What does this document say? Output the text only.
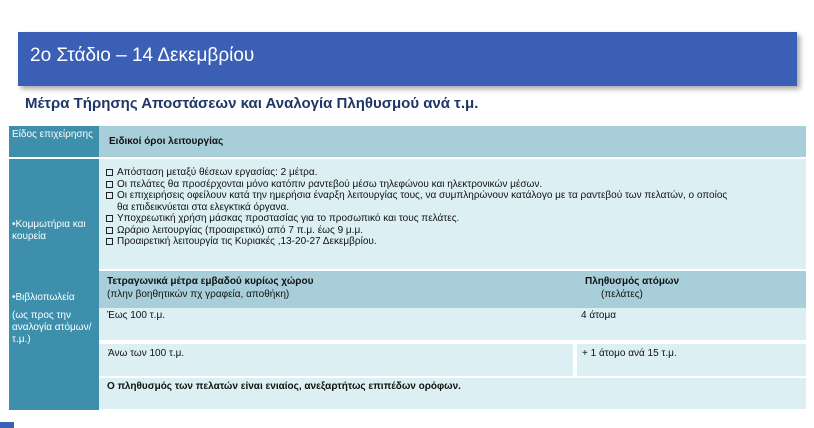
2ο Στάδιο – 14 Δεκεμβρίου
Μέτρα Τήρησης Αποστάσεων και Αναλογία Πληθυσμού ανά τ.μ.
Είδος επιχείρησης
Ειδικοί όροι λειτουργίας
•Κομμωτήρια και κουρεία
•Βιβλιοπωλεία
(ως προς την αναλογία ατόμων/τ.μ.)
Απόσταση μεταξύ θέσεων εργασίας: 2 μέτρα.
Οι πελάτες θα προσέρχονται μόνο κατόπιν ραντεβού μέσω τηλεφώνου και ηλεκτρονικών μέσων.
Οι επιχειρήσεις οφείλουν κατά την ημερήσια έναρξη λειτουργίας τους, να συμπληρώνουν κατάλογο με τα ραντεβού των πελατών, ο οποίος
θα επιδεικνύεται στα ελεγκτικά όργανα.
Υποχρεωτική χρήση μάσκας προστασίας για το προσωπικό και τους πελάτες.
Ωράριο λειτουργίας (προαιρετικό) από 7 π.μ. έως 9 μ.μ.
Προαιρετική λειτουργία τις Κυριακές ,13-20-27 Δεκεμβρίου.
Τετραγωνικά μέτρα εμβαδού κυρίως χώρου
(πλην βοηθητικών πχ γραφεία, αποθήκη)
Πληθυσμός ατόμων
(πελάτες)
Έως 100 τ.μ.	4 άτομα
Άνω των 100 τ.μ.	+ 1 άτομο ανά 15 τ.μ.
Ο πληθυσμός των πελατών είναι ενιαίος, ανεξαρτήτως επιπέδων ορόφων.
